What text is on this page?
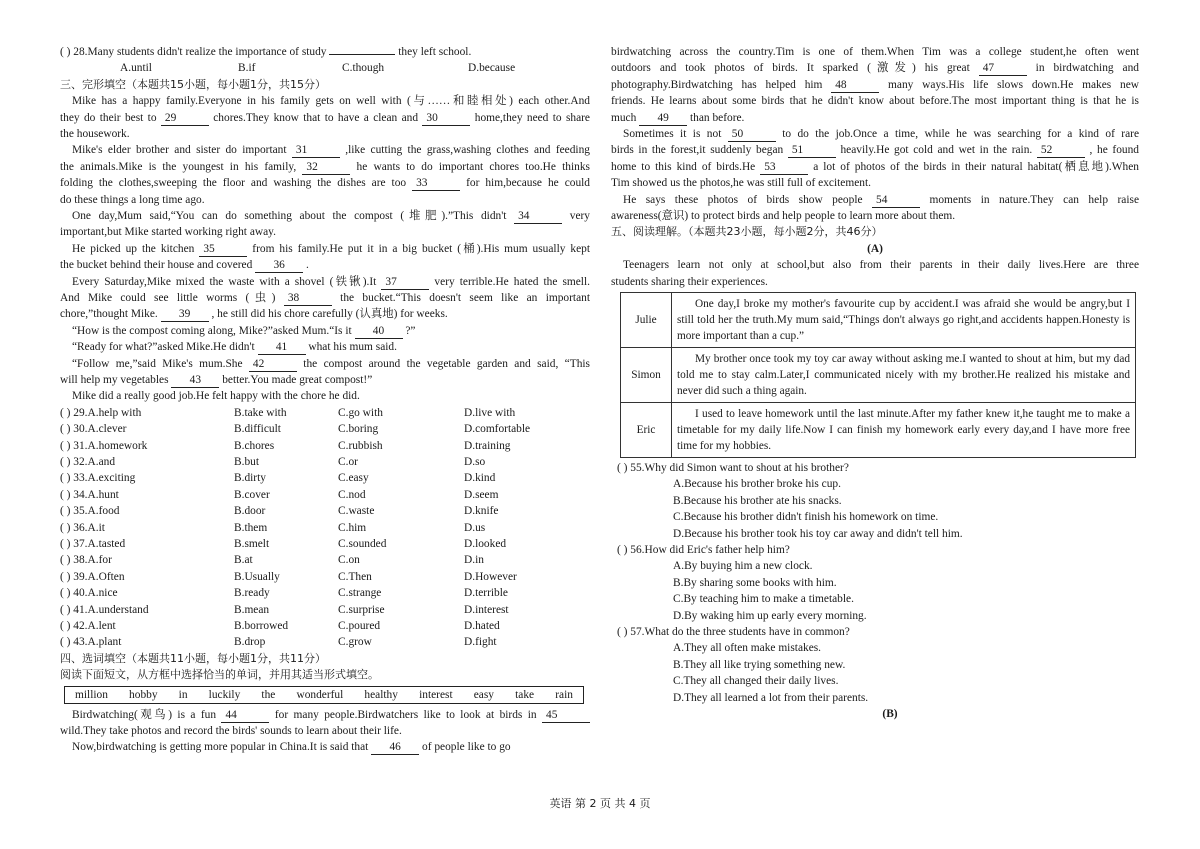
( ) 28.Many students didn't realize the importance of study	they left school.
A.until	B.if	C.though	D.because
三、完形填空（本题共15小题，每小题1分，共15分）
Mike has a happy family.Everyone in his family gets on well with (与……和睦相处) each other.And
they do their best to 29	chores.They know that to have a clean and 30	home,they need to share
the housework.
Mike's elder brother and sister do important 31	,like cutting the grass,washing clothes and feeding
the animals.Mike is the youngest in his family, 32	he wants to do important chores too.He thinks
folding the clothes,sweeping the floor and washing the dishes are too 33	for him,because he could
do these things a long time ago.
One day,Mum said,“You can do something about the compost (堆肥).”This didn't 34	very
important,but Mike started working right away.
He picked up the kitchen 35	from his family.He put it in a big bucket (桶).His mum usually kept
the bucket behind their house and covered 36 .
Every Saturday,Mike mixed the waste with a shovel (铁锹).It 37	very terrible.He hated the smell.
And Mike could see little worms (虫) 38	the bucket.“This doesn't seem like an important
chore,”thought Mike. 39 , he still did his chore carefully (认真地) for weeks.
“How is the compost coming along, Mike?”asked Mum.“Is it 40 ?”
“Ready for what?”asked Mike.He didn't 41 what his mum said.
“Follow me,”said Mike's mum.She 42	the compost around the vegetable garden and said, “This
will help my vegetables 43 better.You made great compost!”
Mike did a really good job.He felt happy with the chore he did.
( ) 29.A.help with	B.take with	C.go with	D.live with
( ) 30.A.clever	B.difficult	C.boring	D.comfortable
( ) 31.A.homework	B.chores	C.rubbish	D.training
( ) 32.A.and	B.but	C.or	D.so
( ) 33.A.exciting	B.dirty	C.easy	D.kind
( ) 34.A.hunt	B.cover	C.nod	D.seem
( ) 35.A.food	B.door	C.waste	D.knife
( ) 36.A.it	B.them	C.him	D.us
( ) 37.A.tasted	B.smelt	C.sounded	D.looked
( ) 38.A.for	B.at	C.on	D.in
( ) 39.A.Often	B.Usually	C.Then	D.However
( ) 40.A.nice	B.ready	C.strange	D.terrible
( ) 41.A.understand	B.mean	C.surprise	D.interest
( ) 42.A.lent	B.borrowed	C.poured	D.hated
( ) 43.A.plant	B.drop	C.grow	D.fight
四、选词填空（本题共11小题，每小题1分，共11分）
阅读下面短文，从方框中选择恰当的单词，并用其适当形式填空。
million hobby in luckily the wonderful healthy interest easy take rain
Birdwatching(观鸟) is a fun 44	for many people.Birdwatchers like to look at birds in 45
wild.They take photos and record the birds' sounds to learn about their life.
Now,birdwatching is getting more popular in China.It is said that 46 of people like to go
birdwatching across the country.Tim is one of them.When Tim was a college student,he often went
outdoors and took photos of birds. It sparked (激发) his great 47	in birdwatching and
photography.Birdwatching has helped him 48	many ways.His life slows down.He makes new
friends. He learns about some birds that he didn't know about before.The most important thing is that he is
much 49 than before.
Sometimes it is not 50	to do the job.Once a time, while he was searching for a kind of rare
birds in the forest,it suddenly began 51	heavily.He got cold and wet in the rain. 52	, he found
home to this kind of birds.He 53	a lot of photos of the birds in their natural habitat(栖息地).When
Tim showed us the photos,he was still full of excitement.
He says these photos of birds show people 54	moments in nature.They can help raise
awareness(意识) to protect birds and help people to learn more about them.
五、阅读理解。（本题共23小题，每小题2分，共46分）
(A)
Teenagers learn not only at school,but also from their parents in their daily lives.Here are three
students sharing their experiences.
Julie	One day,I broke my mother's favourite cup by accident.I was afraid she would be angry,but I still told her the truth.My mum said,“Things don't always go right,and accidents happen.Honesty is more important than a cup.”
Simon	My brother once took my toy car away without asking me.I wanted to shout at him, but my dad told me to stay calm.Later,I communicated nicely with my brother.He realized his mistake and never did such a thing again.
Eric	I used to leave homework until the last minute.After my father knew it,he taught me to make a timetable for my daily life.Now I can finish my homework early every day,and I have more free time for my hobbies.
( ) 55.Why did Simon want to shout at his brother?
A.Because his brother broke his cup.
B.Because his brother ate his snacks.
C.Because his brother didn't finish his homework on time.
D.Because his brother took his toy car away and didn't tell him.
( ) 56.How did Eric's father help him?
A.By buying him a new clock.
B.By sharing some books with him.
C.By teaching him to make a timetable.
D.By waking him up early every morning.
( ) 57.What do the three students have in common?
A.They all often make mistakes.
B.They all like trying something new.
C.They all changed their daily lives.
D.They all learned a lot from their parents.
(B)
英语 第 2 页 共 4 页
